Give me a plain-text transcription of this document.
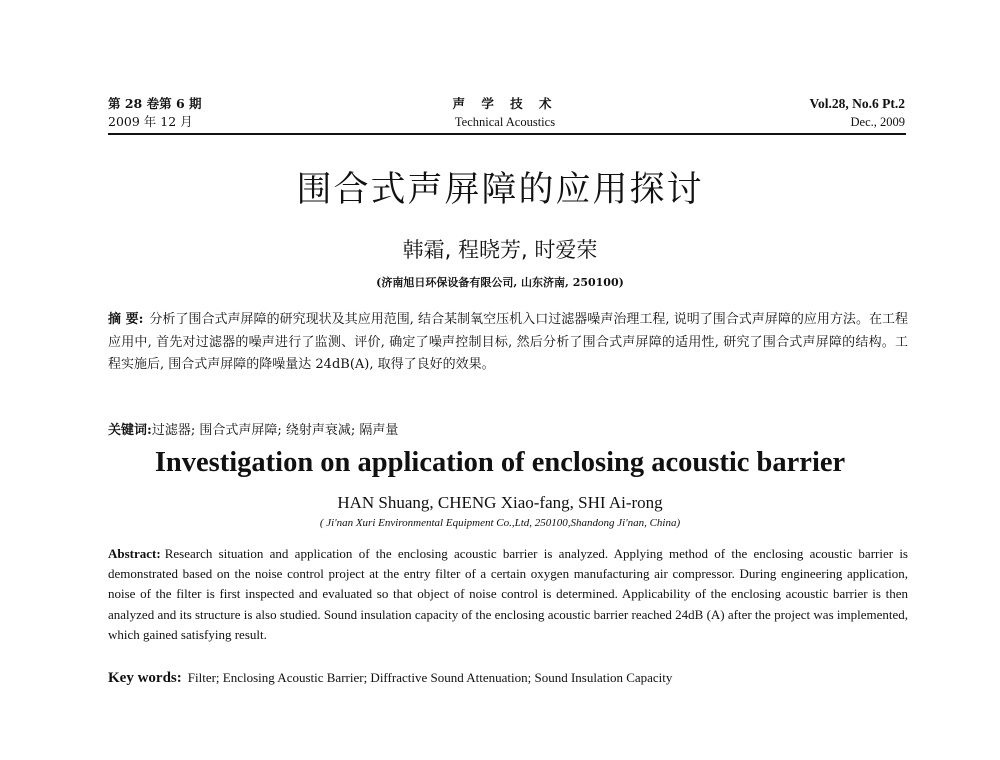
第 28 卷第 6 期
2009 年 12 月
声 学 技 术
Technical Acoustics
Vol.28, No.6 Pt.2
Dec., 2009
围合式声屏障的应用探讨
韩霜, 程晓芳, 时爱荣
(济南旭日环保设备有限公司, 山东济南, 250100)
摘 要: 分析了围合式声屏障的研究现状及其应用范围, 结合某制氧空压机入口过滤器噪声治理工程, 说明了围合式声屏障的应用方法。在工程应用中, 首先对过滤器的噪声进行了监测、评价, 确定了噪声控制目标, 然后分析了围合式声屏障的适用性, 研究了围合式声屏障的结构。工程实施后, 围合式声屏障的降噪量达 24dB(A), 取得了良好的效果。
关键词:过滤器; 围合式声屏障; 绕射声衰减; 隔声量
Investigation on application of enclosing acoustic barrier
HAN Shuang, CHENG Xiao-fang, SHI Ai-rong
( Ji'nan Xuri Environmental Equipment Co.,Ltd, 250100,Shandong Ji'nan, China)
Abstract: Research situation and application of the enclosing acoustic barrier is analyzed. Applying method of the enclosing acoustic barrier is demonstrated based on the noise control project at the entry filter of a certain oxygen manufacturing air compressor. During engineering application, noise of the filter is first inspected and evaluated so that object of noise control is determined. Applicability of the enclosing acoustic barrier is then analyzed and its structure is also studied. Sound insulation capacity of the enclosing acoustic barrier reached 24dB (A) after the project was implemented, which gained satisfying result.
Key words: Filter; Enclosing Acoustic Barrier; Diffractive Sound Attenuation; Sound Insulation Capacity
